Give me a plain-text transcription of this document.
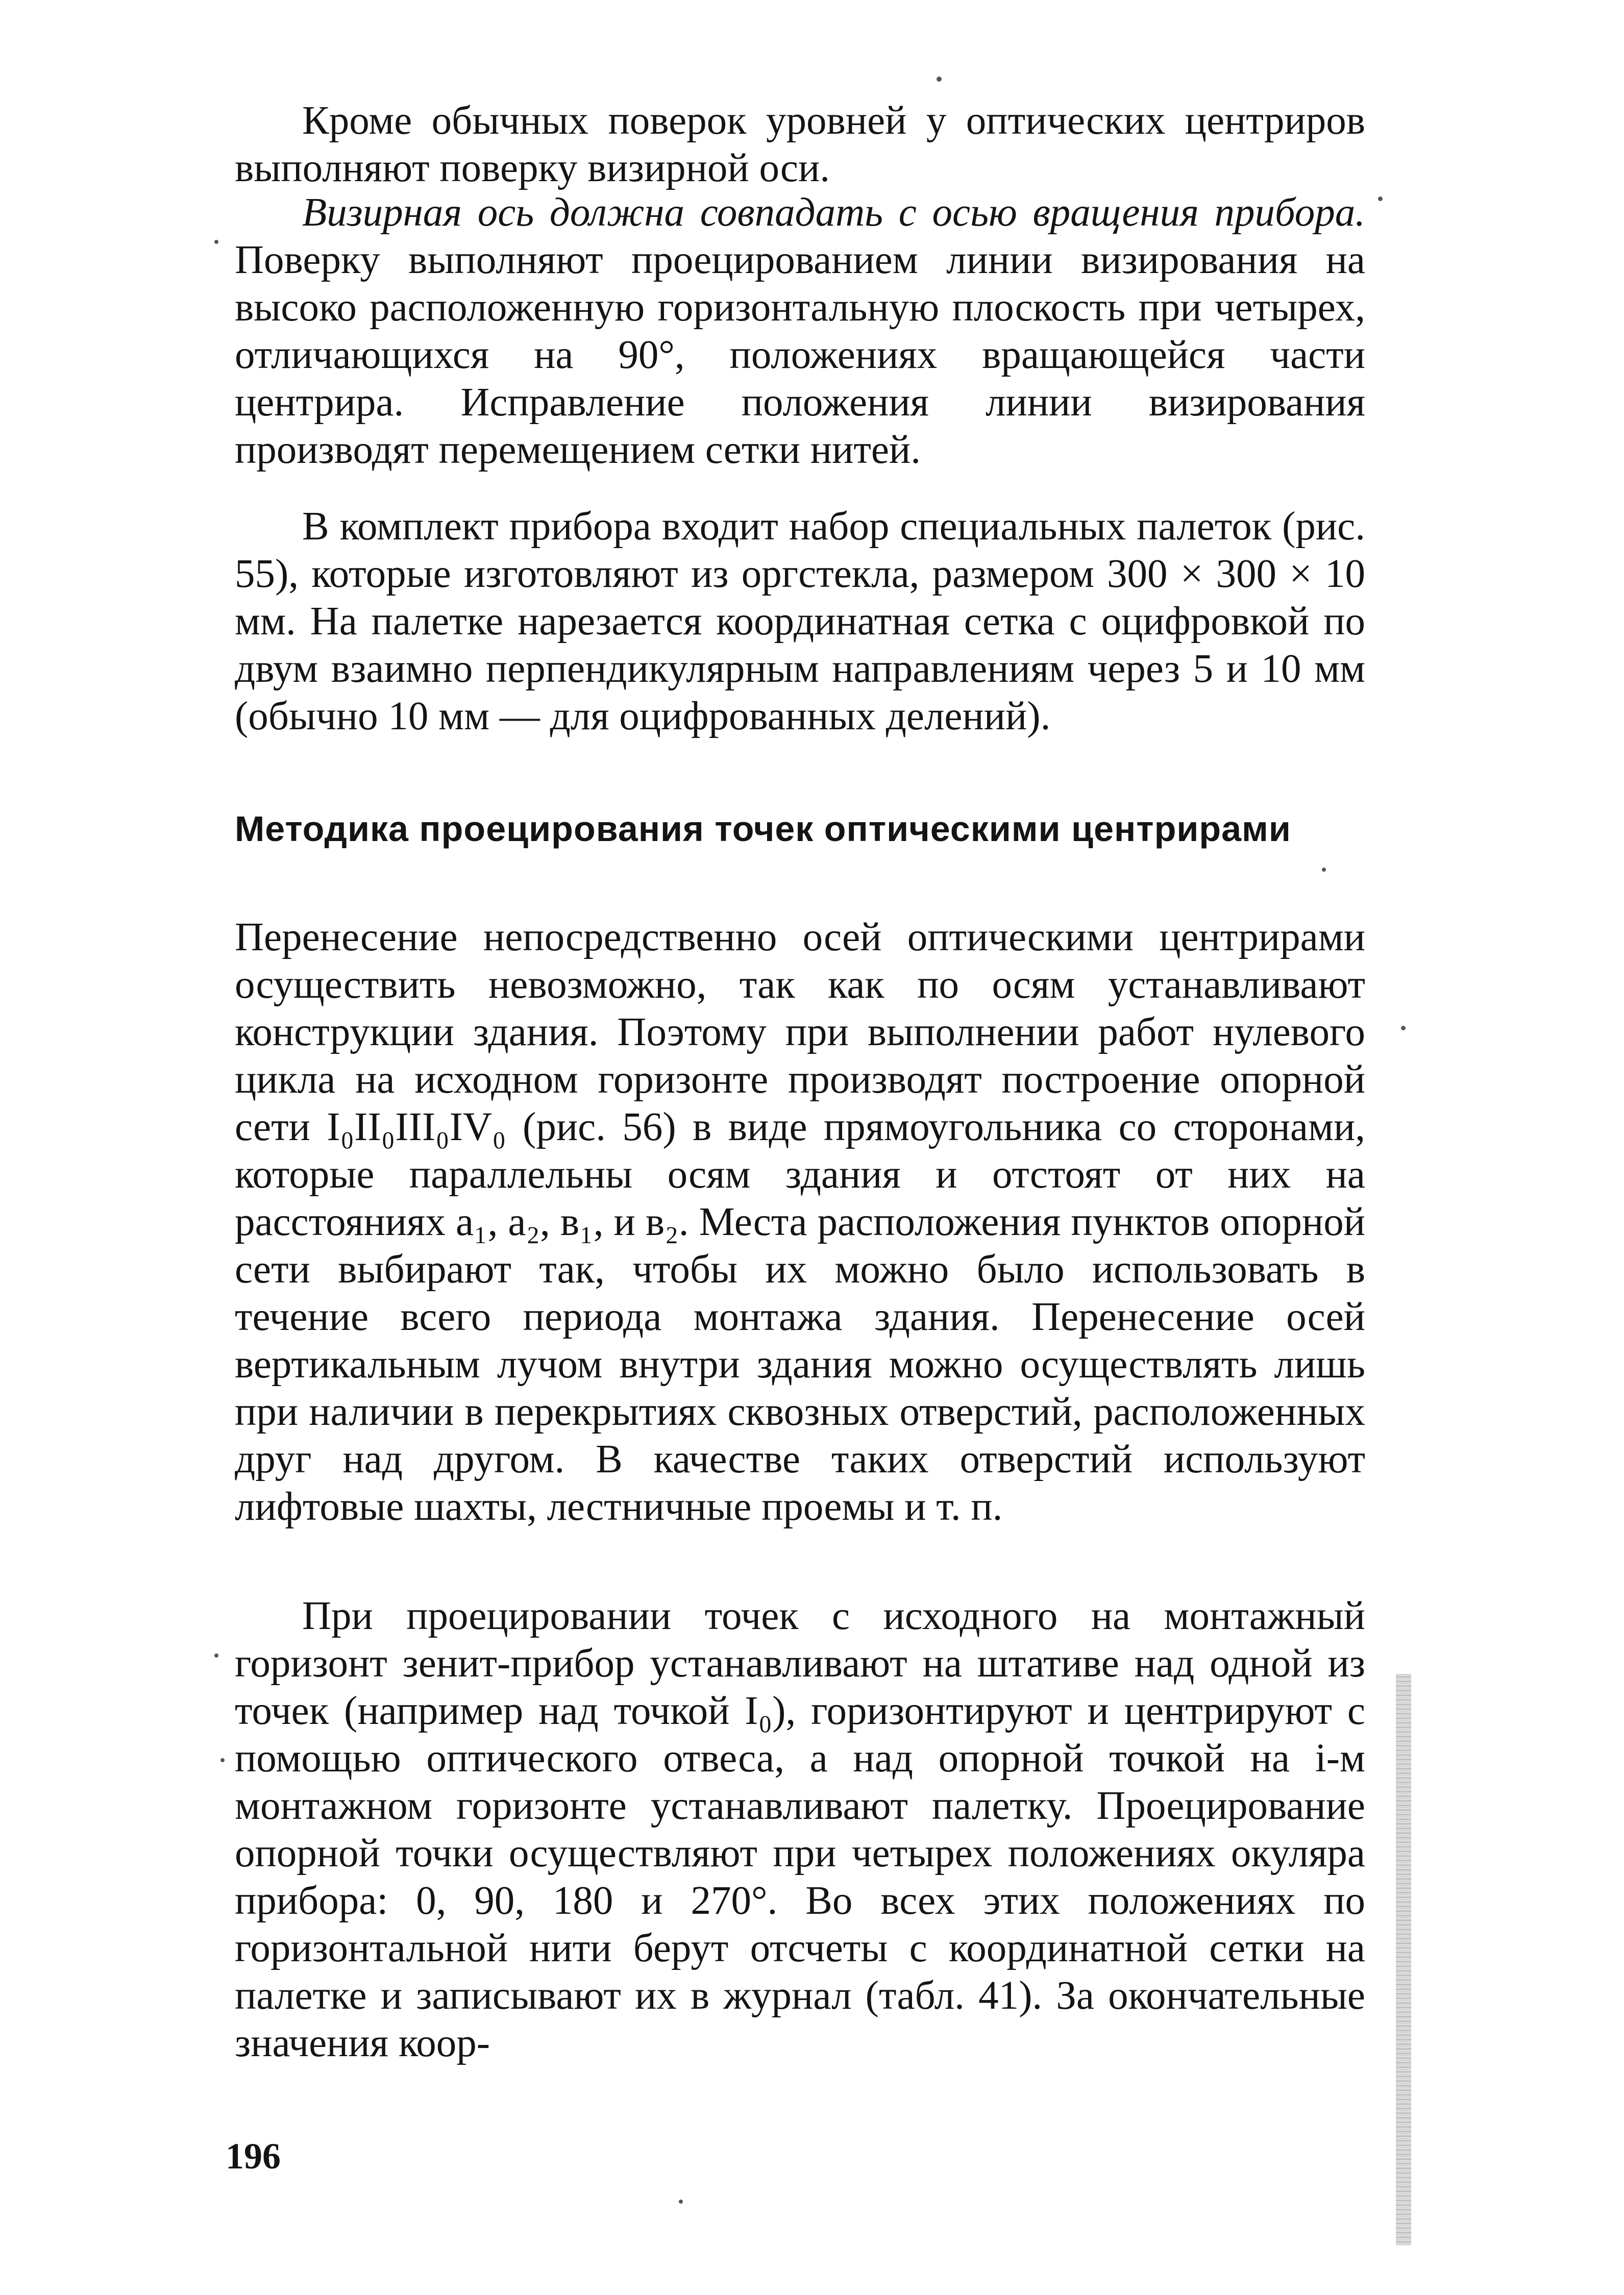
Кроме обычных поверок уровней у оптических центриров выполняют поверку визирной оси.

Визирная ось должна совпадать с осью вращения прибора. Поверку выполняют проецированием линии визирования на высоко расположенную горизонтальную плоскость при четырех, отличающихся на 90°, положениях вращающейся части центрира. Исправление положения линии визирования производят перемещением сетки нитей.

В комплект прибора входит набор специальных палеток (рис. 55), которые изготовляют из оргстекла, размером 300 × 300 × 10 мм. На палетке нарезается координатная сетка с оцифровкой по двум взаимно перпендикулярным направлениям через 5 и 10 мм (обычно 10 мм — для оцифрованных делений).

Методика проецирования точек оптическими центрирами

Перенесение непосредственно осей оптическими центрирами осуществить невозможно, так как по осям устанавливают конструкции здания. Поэтому при выполнении работ нулевого цикла на исходном горизонте производят построение опорной сети I₀II₀III₀IV₀ (рис. 56) в виде прямоугольника со сторонами, которые параллельны осям здания и отстоят от них на расстояниях a₁, a₂, в₁, и в₂. Места расположения пунктов опорной сети выбирают так, чтобы их можно было использовать в течение всего периода монтажа здания. Перенесение осей вертикальным лучом внутри здания можно осуществлять лишь при наличии в перекрытиях сквозных отверстий, расположенных друг над другом. В качестве таких отверстий используют лифтовые шахты, лестничные проемы и т. п.

При проецировании точек с исходного на монтажный горизонт зенит-прибор устанавливают на штативе над одной из точек (например над точкой I₀), горизонтируют и центрируют с помощью оптического отвеса, а над опорной точкой на i-м монтажном горизонте устанавливают палетку. Проецирование опорной точки осуществляют при четырех положениях окуляра прибора: 0, 90, 180 и 270°. Во всех этих положениях по горизонтальной нити берут отсчеты с координатной сетки на палетке и записывают их в журнал (табл. 41). За окончательные значения коор-

196
